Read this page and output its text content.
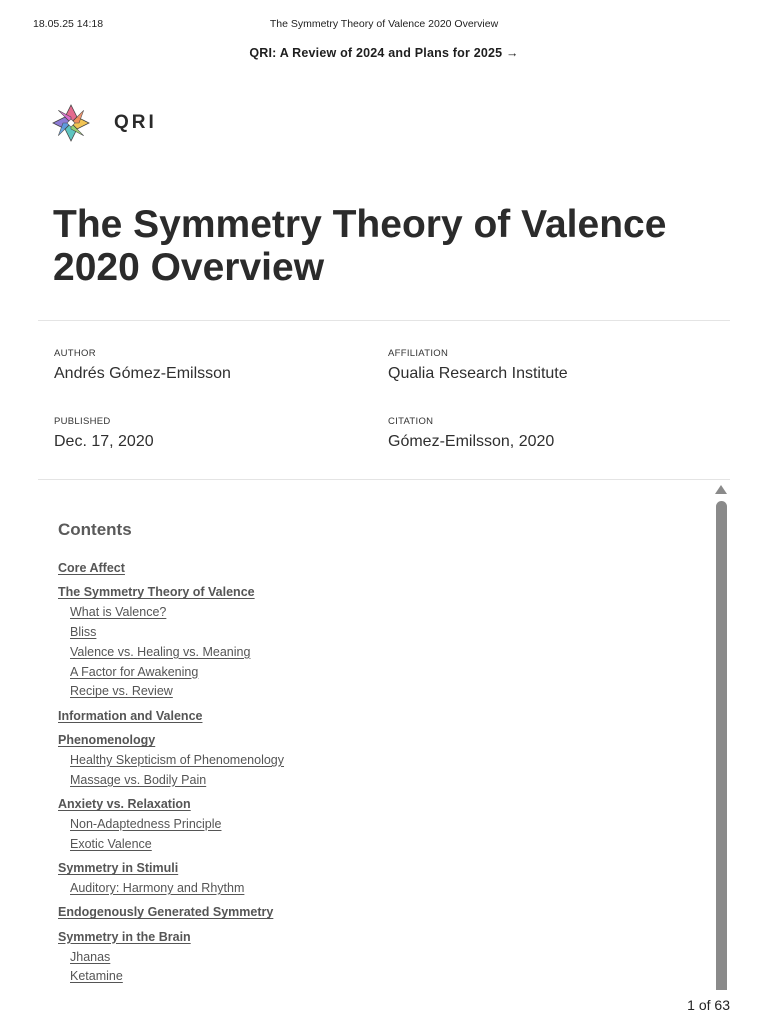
18.05.25 14:18	The Symmetry Theory of Valence 2020 Overview
QRI: A Review of 2024 and Plans for 2025 →
QRI
The Symmetry Theory of Valence
2020 Overview
AUTHOR
Andrés Gómez-Emilsson
AFFILIATION
Qualia Research Institute
PUBLISHED
Dec. 17, 2020
CITATION
Gómez-Emilsson, 2020
Contents
Core Affect
The Symmetry Theory of Valence
What is Valence?
Bliss
Valence vs. Healing vs. Meaning
A Factor for Awakening
Recipe vs. Review
Information and Valence
Phenomenology
Healthy Skepticism of Phenomenology
Massage vs. Bodily Pain
Anxiety vs. Relaxation
Non-Adaptedness Principle
Exotic Valence
Symmetry in Stimuli
Auditory: Harmony and Rhythm
Endogenously Generated Symmetry
Symmetry in the Brain
Jhanas
Ketamine
1 of 63
